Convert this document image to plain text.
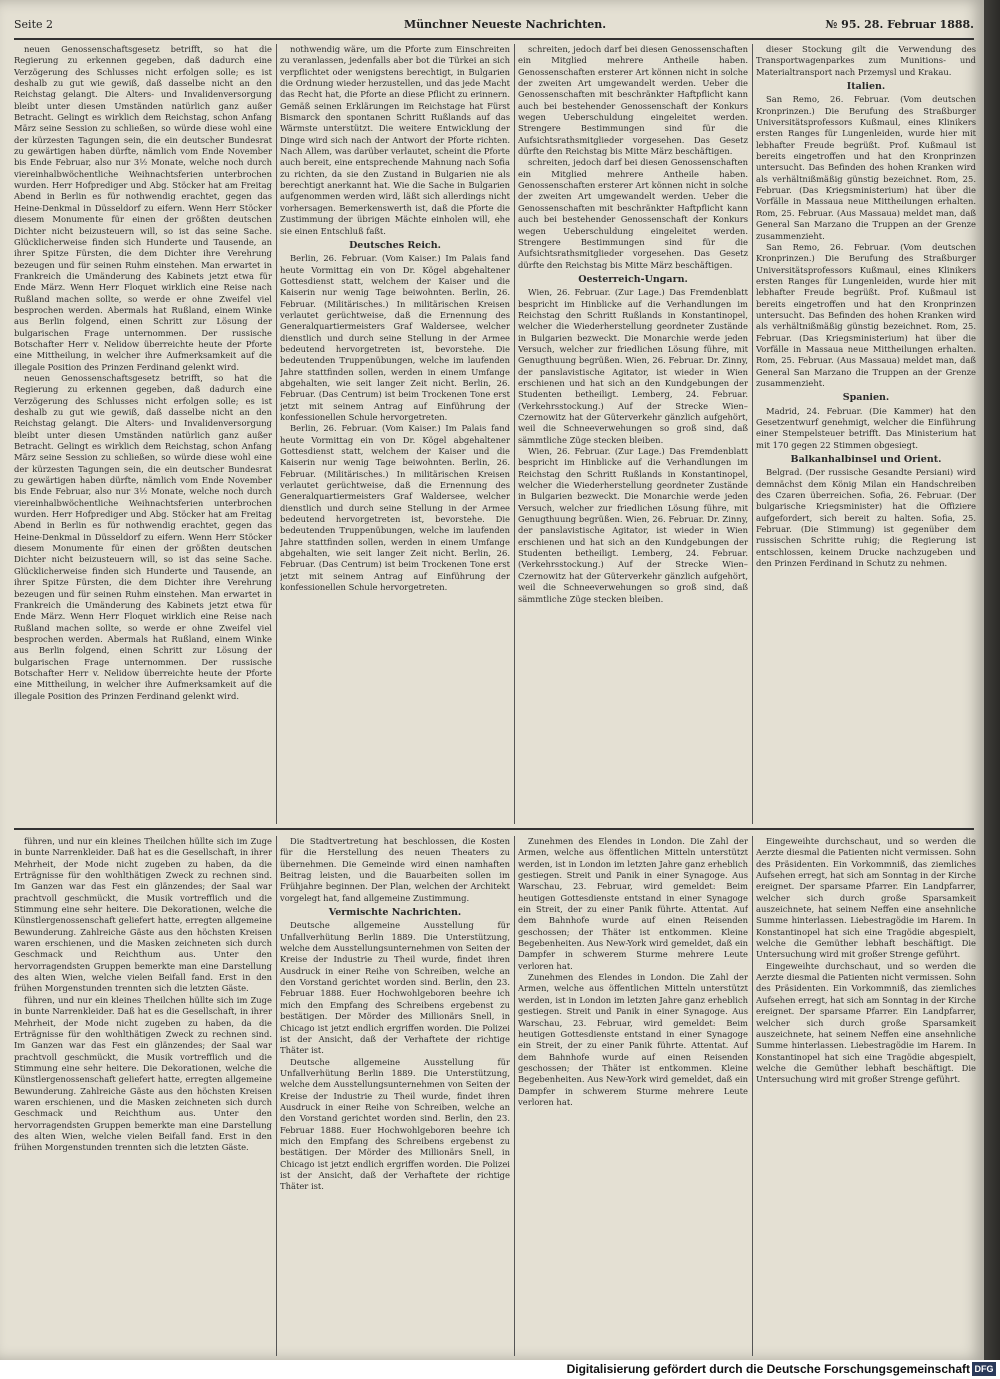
Seite 2	Münchner Neueste Nachrichten.	№ 95. 28. Februar 1888.

neuen Genossenschaftsgesetz betrifft, so hat die Regierung zu erkennen gegeben, daß dadurch eine Verzögerung des Schlusses nicht erfolgen solle; es ist deshalb zu gut wie gewiß, daß dasselbe nicht an den Reichstag gelangt. Die Alters- und Invalidenversorgung bleibt unter diesen Umständen natürlich ganz außer Betracht. Gelingt es wirklich dem Reichstag, schon Anfang März seine Session zu schließen, so würde diese wohl eine der kürzesten Tagungen sein, die ein deutscher Bundesrat zu gewärtigen haben dürfte, nämlich vom Ende November bis Ende Februar, also nur 3½ Monate, welche noch durch viereinhalbwöchentliche Weihnachtsferien unterbrochen wurden. Herr Hofprediger und Abg. Stöcker hat am Freitag Abend in Berlin es für nothwendig erachtet, gegen das Heine-Denkmal in Düsseldorf zu eifern. Wenn Herr Stöcker diesem Monumente für einen der größten deutschen Dichter nicht beizusteuern will, so ist das seine Sache. Glücklicherweise finden sich Hunderte und Tausende, an ihrer Spitze Fürsten, die dem Dichter ihre Verehrung bezeugen und für seinen Ruhm einstehen. Man erwartet in Frankreich die Umänderung des Kabinets jetzt etwa für Ende März. Wenn Herr Floquet wirklich eine Reise nach Rußland machen sollte, so werde er ohne Zweifel viel besprochen werden. Abermals hat Rußland, einem Winke aus Berlin folgend, einen Schritt zur Lösung der bulgarischen Frage unternommen. Der russische Botschafter Herr v. Nelidow überreichte heute der Pforte eine Mittheilung, in welcher ihre Aufmerksamkeit auf die illegale Position des Prinzen Ferdinand gelenkt wird.

neuen Genossenschaftsgesetz betrifft, so hat die Regierung zu erkennen gegeben, daß dadurch eine Verzögerung des Schlusses nicht erfolgen solle; es ist deshalb zu gut wie gewiß, daß dasselbe nicht an den Reichstag gelangt. Die Alters- und Invalidenversorgung bleibt unter diesen Umständen natürlich ganz außer Betracht. Gelingt es wirklich dem Reichstag, schon Anfang März seine Session zu schließen, so würde diese wohl eine der kürzesten Tagungen sein, die ein deutscher Bundesrat zu gewärtigen haben dürfte, nämlich vom Ende November bis Ende Februar, also nur 3½ Monate, welche noch durch viereinhalbwöchentliche Weihnachtsferien unterbrochen wurden. Herr Hofprediger und Abg. Stöcker hat am Freitag Abend in Berlin es für nothwendig erachtet, gegen das Heine-Denkmal in Düsseldorf zu eifern. Wenn Herr Stöcker diesem Monumente für einen der größten deutschen Dichter nicht beizusteuern will, so ist das seine Sache. Glücklicherweise finden sich Hunderte und Tausende, an ihrer Spitze Fürsten, die dem Dichter ihre Verehrung bezeugen und für seinen Ruhm einstehen. Man erwartet in Frankreich die Umänderung des Kabinets jetzt etwa für Ende März. Wenn Herr Floquet wirklich eine Reise nach Rußland machen sollte, so werde er ohne Zweifel viel besprochen werden. Abermals hat Rußland, einem Winke aus Berlin folgend, einen Schritt zur Lösung der bulgarischen Frage unternommen. Der russische Botschafter Herr v. Nelidow überreichte heute der Pforte eine Mittheilung, in welcher ihre Aufmerksamkeit auf die illegale Position des Prinzen Ferdinand gelenkt wird.

nothwendig wäre, um die Pforte zum Einschreiten zu veranlassen, jedenfalls aber bot die Türkei an sich verpflichtet oder wenigstens berechtigt, in Bulgarien die Ordnung wieder herzustellen, und das jede Macht das Recht hat, die Pforte an diese Pflicht zu erinnern. Gemäß seinen Erklärungen im Reichstage hat Fürst Bismarck den spontanen Schritt Rußlands auf das Wärmste unterstützt. Die weitere Entwicklung der Dinge wird sich nach der Antwort der Pforte richten. Nach Allem, was darüber verlautet, scheint die Pforte auch bereit, eine entsprechende Mahnung nach Sofia zu richten, da sie den Zustand in Bulgarien nie als berechtigt anerkannt hat. Wie die Sache in Bulgarien aufgenommen werden wird, läßt sich allerdings nicht vorhersagen. Bemerkenswerth ist, daß die Pforte die Zustimmung der übrigen Mächte einholen will, ehe sie einen Entschluß faßt.

Deutsches Reich.

Berlin, 26. Februar. (Vom Kaiser.) Im Palais fand heute Vormittag ein von Dr. Kögel abgehaltener Gottesdienst statt, welchem der Kaiser und die Kaiserin nur wenig Tage beiwohnten. Berlin, 26. Februar. (Militärisches.) In militärischen Kreisen verlautet gerüchtweise, daß die Ernennung des Generalquartiermeisters Graf Waldersee, welcher dienstlich und durch seine Stellung in der Armee bedeutend hervorgetreten ist, bevorstehe. Die bedeutenden Truppenübungen, welche im laufenden Jahre stattfinden sollen, werden in einem Umfange abgehalten, wie seit langer Zeit nicht. Berlin, 26. Februar. (Das Centrum) ist beim Trockenen Tone erst jetzt mit seinem Antrag auf Einführung der konfessionellen Schule hervorgetreten.

Berlin, 26. Februar. (Vom Kaiser.) Im Palais fand heute Vormittag ein von Dr. Kögel abgehaltener Gottesdienst statt, welchem der Kaiser und die Kaiserin nur wenig Tage beiwohnten. Berlin, 26. Februar. (Militärisches.) In militärischen Kreisen verlautet gerüchtweise, daß die Ernennung des Generalquartiermeisters Graf Waldersee, welcher dienstlich und durch seine Stellung in der Armee bedeutend hervorgetreten ist, bevorstehe. Die bedeutenden Truppenübungen, welche im laufenden Jahre stattfinden sollen, werden in einem Umfange abgehalten, wie seit langer Zeit nicht. Berlin, 26. Februar. (Das Centrum) ist beim Trockenen Tone erst jetzt mit seinem Antrag auf Einführung der konfessionellen Schule hervorgetreten.

schreiten, jedoch darf bei diesen Genossenschaften ein Mitglied mehrere Antheile haben. Genossenschaften ersterer Art können nicht in solche der zweiten Art umgewandelt werden. Ueber die Genossenschaften mit beschränkter Haftpflicht kann auch bei bestehender Genossenschaft der Konkurs wegen Ueberschuldung eingeleitet werden. Strengere Bestimmungen sind für die Aufsichtsrathsmitglieder vorgesehen. Das Gesetz dürfte den Reichstag bis Mitte März beschäftigen.

schreiten, jedoch darf bei diesen Genossenschaften ein Mitglied mehrere Antheile haben. Genossenschaften ersterer Art können nicht in solche der zweiten Art umgewandelt werden. Ueber die Genossenschaften mit beschränkter Haftpflicht kann auch bei bestehender Genossenschaft der Konkurs wegen Ueberschuldung eingeleitet werden. Strengere Bestimmungen sind für die Aufsichtsrathsmitglieder vorgesehen. Das Gesetz dürfte den Reichstag bis Mitte März beschäftigen.

Oesterreich-Ungarn.

Wien, 26. Februar. (Zur Lage.) Das Fremdenblatt bespricht im Hinblicke auf die Verhandlungen im Reichstag den Schritt Rußlands in Konstantinopel, welcher die Wiederherstellung geordneter Zustände in Bulgarien bezweckt. Die Monarchie werde jeden Versuch, welcher zur friedlichen Lösung führe, mit Genugthuung begrüßen. Wien, 26. Februar. Dr. Zinny, der panslavistische Agitator, ist wieder in Wien erschienen und hat sich an den Kundgebungen der Studenten betheiligt. Lemberg, 24. Februar. (Verkehrsstockung.) Auf der Strecke Wien–Czernowitz hat der Güterverkehr gänzlich aufgehört, weil die Schneeverwehungen so groß sind, daß sämmtliche Züge stecken bleiben.

Wien, 26. Februar. (Zur Lage.) Das Fremdenblatt bespricht im Hinblicke auf die Verhandlungen im Reichstag den Schritt Rußlands in Konstantinopel, welcher die Wiederherstellung geordneter Zustände in Bulgarien bezweckt. Die Monarchie werde jeden Versuch, welcher zur friedlichen Lösung führe, mit Genugthuung begrüßen. Wien, 26. Februar. Dr. Zinny, der panslavistische Agitator, ist wieder in Wien erschienen und hat sich an den Kundgebungen der Studenten betheiligt. Lemberg, 24. Februar. (Verkehrsstockung.) Auf der Strecke Wien–Czernowitz hat der Güterverkehr gänzlich aufgehört, weil die Schneeverwehungen so groß sind, daß sämmtliche Züge stecken bleiben.

dieser Stockung gilt die Verwendung des Transportwagenparkes zum Munitions- und Materialtransport nach Przemysl und Krakau.

Italien.

San Remo, 26. Februar. (Vom deutschen Kronprinzen.) Die Berufung des Straßburger Universitätsprofessors Kußmaul, eines Klinikers ersten Ranges für Lungenleiden, wurde hier mit lebhafter Freude begrüßt. Prof. Kußmaul ist bereits eingetroffen und hat den Kronprinzen untersucht. Das Befinden des hohen Kranken wird als verhältnißmäßig günstig bezeichnet. Rom, 25. Februar. (Das Kriegsministerium) hat über die Vorfälle in Massaua neue Mittheilungen erhalten. Rom, 25. Februar. (Aus Massaua) meldet man, daß General San Marzano die Truppen an der Grenze zusammenzieht.

San Remo, 26. Februar. (Vom deutschen Kronprinzen.) Die Berufung des Straßburger Universitätsprofessors Kußmaul, eines Klinikers ersten Ranges für Lungenleiden, wurde hier mit lebhafter Freude begrüßt. Prof. Kußmaul ist bereits eingetroffen und hat den Kronprinzen untersucht. Das Befinden des hohen Kranken wird als verhältnißmäßig günstig bezeichnet. Rom, 25. Februar. (Das Kriegsministerium) hat über die Vorfälle in Massaua neue Mittheilungen erhalten. Rom, 25. Februar. (Aus Massaua) meldet man, daß General San Marzano die Truppen an der Grenze zusammenzieht.

Spanien.

Madrid, 24. Februar. (Die Kammer) hat den Gesetzentwurf genehmigt, welcher die Einführung einer Stempelsteuer betrifft. Das Ministerium hat mit 170 gegen 22 Stimmen obgesiegt.

Balkanhalbinsel und Orient.

Belgrad. (Der russische Gesandte Persiani) wird demnächst dem König Milan ein Handschreiben des Czaren überreichen. Sofia, 26. Februar. (Der bulgarische Kriegsminister) hat die Offiziere aufgefordert, sich bereit zu halten. Sofia, 25. Februar. (Die Stimmung) ist gegenüber dem russischen Schritte ruhig; die Regierung ist entschlossen, keinem Drucke nachzugeben und den Prinzen Ferdinand in Schutz zu nehmen.

führen, und nur ein kleines Theilchen hüllte sich im Zuge in bunte Narrenkleider. Daß hat es die Gesellschaft, in ihrer Mehrheit, der Mode nicht zugeben zu haben, da die Erträgnisse für den wohlthätigen Zweck zu rechnen sind. Im Ganzen war das Fest ein glänzendes; der Saal war prachtvoll geschmückt, die Musik vortrefflich und die Stimmung eine sehr heitere. Die Dekorationen, welche die Künstlergenossenschaft geliefert hatte, erregten allgemeine Bewunderung. Zahlreiche Gäste aus den höchsten Kreisen waren erschienen, und die Masken zeichneten sich durch Geschmack und Reichthum aus. Unter den hervorragendsten Gruppen bemerkte man eine Darstellung des alten Wien, welche vielen Beifall fand. Erst in den frühen Morgenstunden trennten sich die letzten Gäste.

führen, und nur ein kleines Theilchen hüllte sich im Zuge in bunte Narrenkleider. Daß hat es die Gesellschaft, in ihrer Mehrheit, der Mode nicht zugeben zu haben, da die Erträgnisse für den wohlthätigen Zweck zu rechnen sind. Im Ganzen war das Fest ein glänzendes; der Saal war prachtvoll geschmückt, die Musik vortrefflich und die Stimmung eine sehr heitere. Die Dekorationen, welche die Künstlergenossenschaft geliefert hatte, erregten allgemeine Bewunderung. Zahlreiche Gäste aus den höchsten Kreisen waren erschienen, und die Masken zeichneten sich durch Geschmack und Reichthum aus. Unter den hervorragendsten Gruppen bemerkte man eine Darstellung des alten Wien, welche vielen Beifall fand. Erst in den frühen Morgenstunden trennten sich die letzten Gäste.

Die Stadtvertretung hat beschlossen, die Kosten für die Herstellung des neuen Theaters zu übernehmen. Die Gemeinde wird einen namhaften Beitrag leisten, und die Bauarbeiten sollen im Frühjahre beginnen. Der Plan, welchen der Architekt vorgelegt hat, fand allgemeine Zustimmung.

Vermischte Nachrichten.

Deutsche allgemeine Ausstellung für Unfallverhütung Berlin 1889. Die Unterstützung, welche dem Ausstellungsunternehmen von Seiten der Kreise der Industrie zu Theil wurde, findet ihren Ausdruck in einer Reihe von Schreiben, welche an den Vorstand gerichtet worden sind. Berlin, den 23. Februar 1888. Euer Hochwohlgeboren beehre ich mich den Empfang des Schreibens ergebenst zu bestätigen. Der Mörder des Millionärs Snell, in Chicago ist jetzt endlich ergriffen worden. Die Polizei ist der Ansicht, daß der Verhaftete der richtige Thäter ist.

Deutsche allgemeine Ausstellung für Unfallverhütung Berlin 1889. Die Unterstützung, welche dem Ausstellungsunternehmen von Seiten der Kreise der Industrie zu Theil wurde, findet ihren Ausdruck in einer Reihe von Schreiben, welche an den Vorstand gerichtet worden sind. Berlin, den 23. Februar 1888. Euer Hochwohlgeboren beehre ich mich den Empfang des Schreibens ergebenst zu bestätigen. Der Mörder des Millionärs Snell, in Chicago ist jetzt endlich ergriffen worden. Die Polizei ist der Ansicht, daß der Verhaftete der richtige Thäter ist.

Zunehmen des Elendes in London. Die Zahl der Armen, welche aus öffentlichen Mitteln unterstützt werden, ist in London im letzten Jahre ganz erheblich gestiegen. Streit und Panik in einer Synagoge. Aus Warschau, 23. Februar, wird gemeldet: Beim heutigen Gottesdienste entstand in einer Synagoge ein Streit, der zu einer Panik führte. Attentat. Auf dem Bahnhofe wurde auf einen Reisenden geschossen; der Thäter ist entkommen. Kleine Begebenheiten. Aus New-York wird gemeldet, daß ein Dampfer in schwerem Sturme mehrere Leute verloren hat.

Zunehmen des Elendes in London. Die Zahl der Armen, welche aus öffentlichen Mitteln unterstützt werden, ist in London im letzten Jahre ganz erheblich gestiegen. Streit und Panik in einer Synagoge. Aus Warschau, 23. Februar, wird gemeldet: Beim heutigen Gottesdienste entstand in einer Synagoge ein Streit, der zu einer Panik führte. Attentat. Auf dem Bahnhofe wurde auf einen Reisenden geschossen; der Thäter ist entkommen. Kleine Begebenheiten. Aus New-York wird gemeldet, daß ein Dampfer in schwerem Sturme mehrere Leute verloren hat.

Eingeweihte durchschaut, und so werden die Aerzte diesmal die Patienten nicht vermissen. Sohn des Präsidenten. Ein Vorkommniß, das ziemliches Aufsehen erregt, hat sich am Sonntag in der Kirche ereignet. Der sparsame Pfarrer. Ein Landpfarrer, welcher sich durch große Sparsamkeit auszeichnete, hat seinem Neffen eine ansehnliche Summe hinterlassen. Liebestragödie im Harem. In Konstantinopel hat sich eine Tragödie abgespielt, welche die Gemüther lebhaft beschäftigt. Die Untersuchung wird mit großer Strenge geführt.

Eingeweihte durchschaut, und so werden die Aerzte diesmal die Patienten nicht vermissen. Sohn des Präsidenten. Ein Vorkommniß, das ziemliches Aufsehen erregt, hat sich am Sonntag in der Kirche ereignet. Der sparsame Pfarrer. Ein Landpfarrer, welcher sich durch große Sparsamkeit auszeichnete, hat seinem Neffen eine ansehnliche Summe hinterlassen. Liebestragödie im Harem. In Konstantinopel hat sich eine Tragödie abgespielt, welche die Gemüther lebhaft beschäftigt. Die Untersuchung wird mit großer Strenge geführt.

Digitalisierung gefördert durch die Deutsche Forschungsgemeinschaft DFG
